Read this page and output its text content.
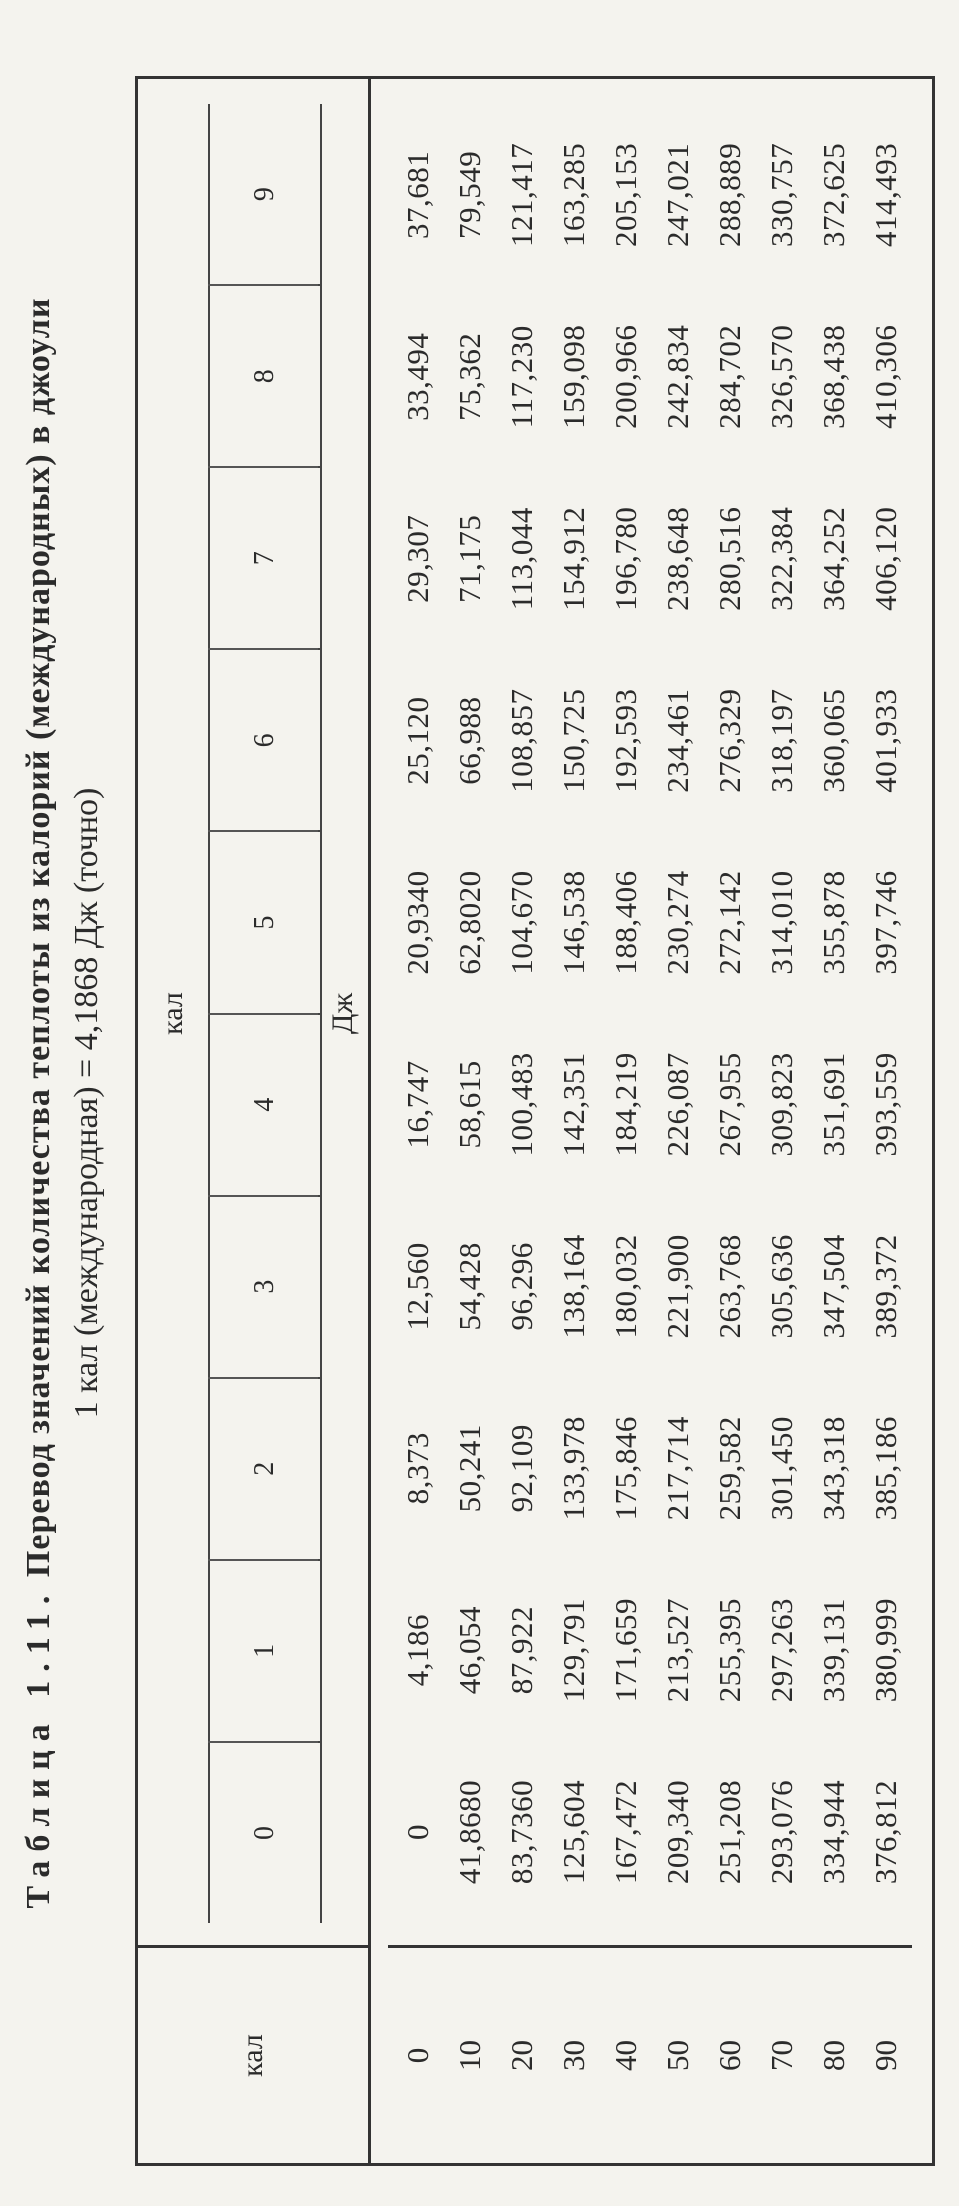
Таблица 1.11. Перевод значений количества теплоты из калорий (международных) в джоули 1 кал (международная) = 4,1868 Дж (точно)
кал
кал
0
1
2
3
4
5
6
7
8
9
Дж
0 10 20 30 40 50 60 70 80 90
0
4,186
8,373
12,560
16,747
20,9340
25,120
29,307
33,494
37,681
41,8680
46,054
50,241
54,428
58,615
62,8020
66,988
71,175
75,362
79,549
83,7360
87,922
92,109
96,296
100,483
104,670
108,857
113,044
117,230
121,417
125,604
129,791
133,978
138,164
142,351
146,538
150,725
154,912
159,098
163,285
167,472
171,659
175,846
180,032
184,219
188,406
192,593
196,780
200,966
205,153
209,340
213,527
217,714
221,900
226,087
230,274
234,461
238,648
242,834
247,021
251,208
255,395
259,582
263,768
267,955
272,142
276,329
280,516
284,702
288,889
293,076
297,263
301,450
305,636
309,823
314,010
318,197
322,384
326,570
330,757
334,944
339,131
343,318
347,504
351,691
355,878
360,065
364,252
368,438
372,625
376,812
380,999
385,186
389,372
393,559
397,746
401,933
406,120
410,306
414,493
